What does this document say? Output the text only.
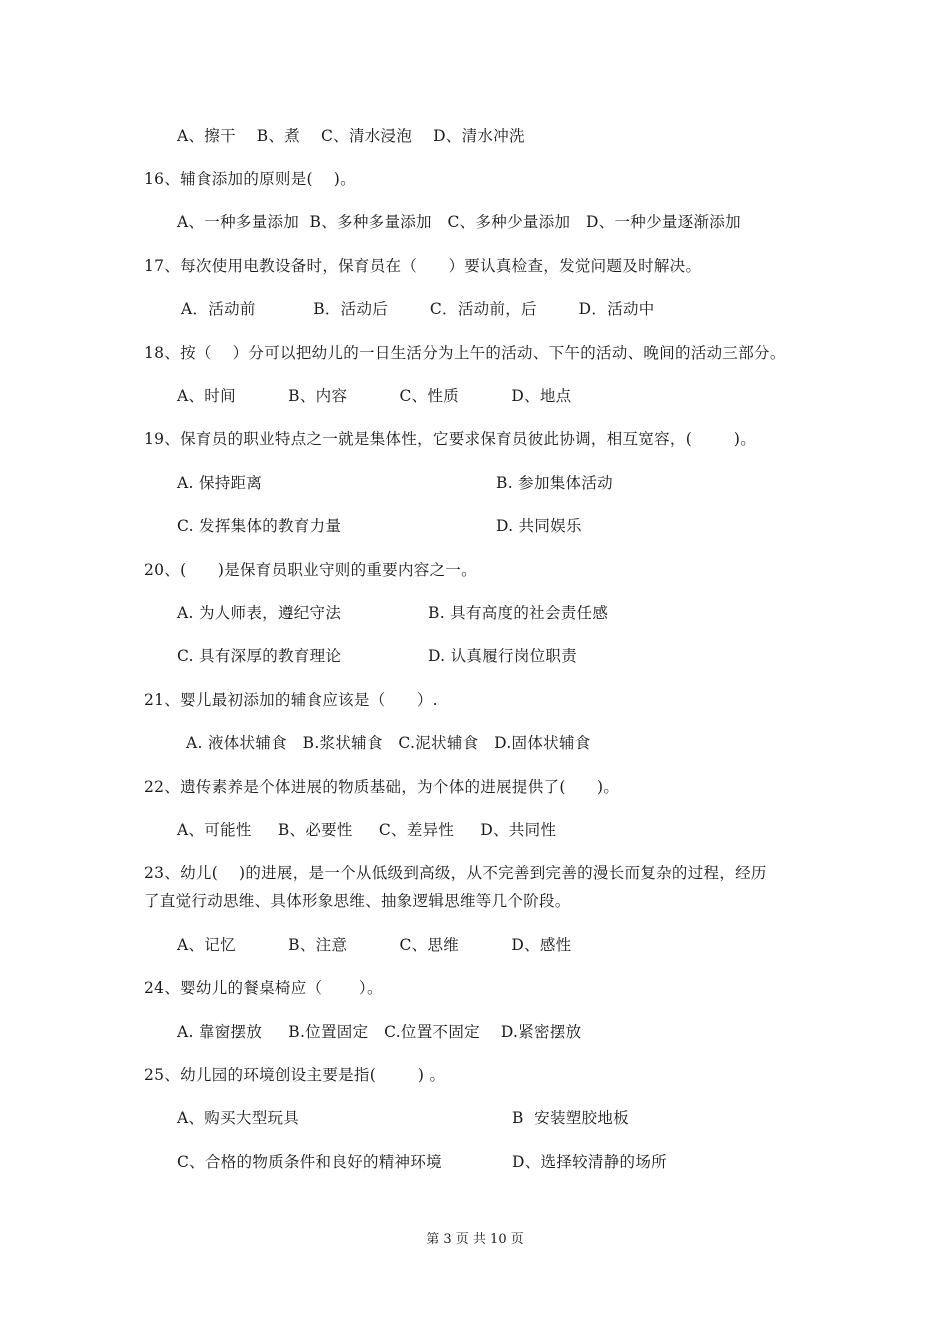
A、擦干    B、煮    C、清水浸泡    D、清水冲洗
16、辅食添加的原则是(    )。
A、一种多量添加  B、多种多量添加   C、多种少量添加   D、一种少量逐渐添加
17、每次使用电教设备时，保育员在（      ）要认真检查，发觉问题及时解决。
A．活动前           B．活动后        C．活动前，后        D．活动中
18、按（    ）分可以把幼儿的一日生活分为上午的活动、下午的活动、晚间的活动三部分。
A、时间          B、内容          C、性质          D、地点
19、保育员的职业特点之一就是集体性，它要求保育员彼此协调，相互宽容，(        )。
A. 保持距离	B. 参加集体活动
C. 发挥集体的教育力量	D. 共同娱乐
20、(      )是保育员职业守则的重要内容之一。
A. 为人师表，遵纪守法	B. 具有高度的社会责任感
C. 具有深厚的教育理论	D. 认真履行岗位职责
21、婴儿最初添加的辅食应该是（      ）.
A. 液体状辅食   B.浆状辅食   C.泥状辅食   D.固体状辅食
22、遗传素养是个体进展的物质基础，为个体的进展提供了(      )。
A、可能性     B、必要性     C、差异性     D、共同性
23、幼儿(    )的进展，是一个从低级到高级，从不完善到完善的漫长而复杂的过程，经历
了直觉行动思维、具体形象思维、抽象逻辑思维等几个阶段。
A、记忆          B、注意          C、思维          D、感性
24、婴幼儿的餐桌椅应（       ）。
A. 靠窗摆放     B.位置固定   C.位置不固定    D.紧密摆放
25、幼儿园的环境创设主要是指(        ) 。
A、购买大型玩具	B  安装塑胶地板
C、合格的物质条件和良好的精神环境	D、选择较清静的场所
第 3 页 共 10 页
